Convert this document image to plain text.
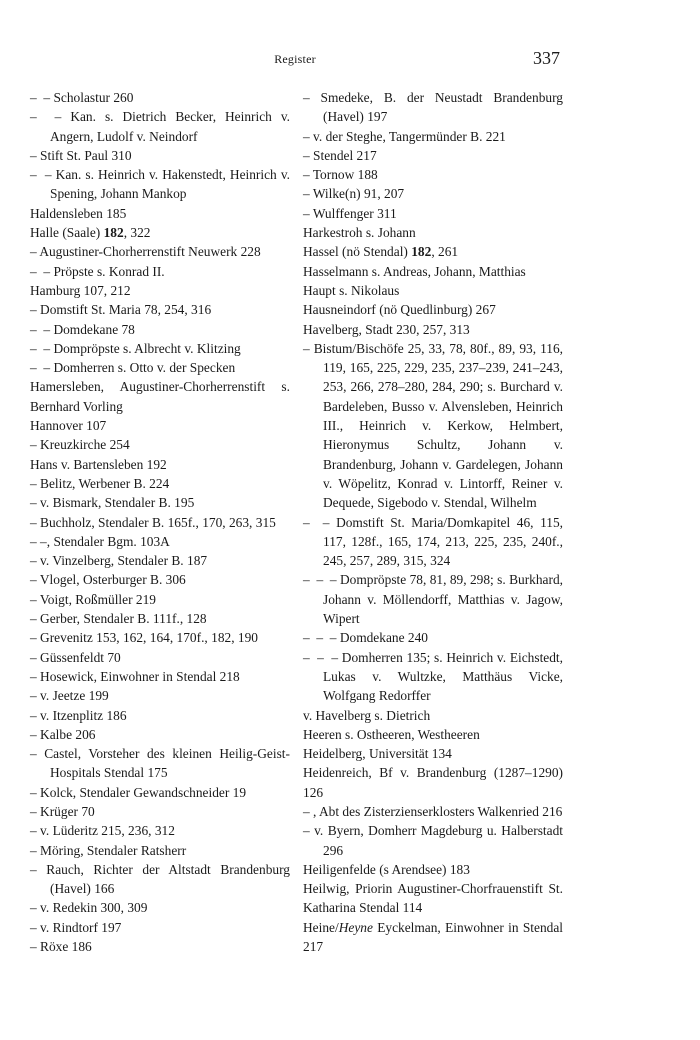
Register	337
–  – Scholastur 260
–  – Kan. s. Dietrich Becker, Heinrich v. Angern, Ludolf v. Neindorf
– Stift St. Paul 310
–  – Kan. s. Heinrich v. Hakenstedt, Heinrich v. Spening, Johann Mankop
Haldensleben 185
Halle (Saale) 182, 322
– Augustiner-Chorherrenstift Neuwerk 228
–  – Pröpste s. Konrad II.
Hamburg 107, 212
– Domstift St. Maria 78, 254, 316
–  – Domdekane 78
–  – Dompröpste s. Albrecht v. Klitzing
–  – Domherren s. Otto v. der Specken
Hamersleben, Augustiner-Chorherrenstift s. Bernhard Vorling
Hannover 107
– Kreuzkirche 254
Hans v. Bartensleben 192
– Belitz, Werbener B. 224
– v. Bismark, Stendaler B. 195
– Buchholz, Stendaler B. 165f., 170, 263, 315
– –, Stendaler Bgm. 103A
– v. Vinzelberg, Stendaler B. 187
– Vlogel, Osterburger B. 306
– Voigt, Roßmüller 219
– Gerber, Stendaler B. 111f., 128
– Grevenitz 153, 162, 164, 170f., 182, 190
– Güssenfeldt 70
– Hosewick, Einwohner in Stendal 218
– v. Jeetze 199
– v. Itzenplitz 186
– Kalbe 206
– Castel, Vorsteher des kleinen Heilig-Geist-Hospitals Stendal 175
– Kolck, Stendaler Gewandschneider 19
– Krüger 70
– v. Lüderitz 215, 236, 312
– Möring, Stendaler Ratsherr
– Rauch, Richter der Altstadt Brandenburg (Havel) 166
– v. Redekin 300, 309
– v. Rindtorf 197
– Röxe 186
– Smedeke, B. der Neustadt Brandenburg (Havel) 197
– v. der Steghe, Tangermünder B. 221
– Stendel 217
– Tornow 188
– Wilke(n) 91, 207
– Wulffenger 311
Harkestroh s. Johann
Hassel (nö Stendal) 182, 261
Hasselmann s. Andreas, Johann, Matthias
Haupt s. Nikolaus
Hausneindorf (nö Quedlinburg) 267
Havelberg, Stadt 230, 257, 313
– Bistum/Bischöfe 25, 33, 78, 80f., 89, 93, 116, 119, 165, 225, 229, 235, 237–239, 241–243, 253, 266, 278–280, 284, 290; s. Burchard v. Bardeleben, Busso v. Alvensleben, Heinrich III., Heinrich v. Kerkow, Helmbert, Hieronymus Schultz, Johann v. Brandenburg, Johann v. Gardelegen, Johann v. Wöpelitz, Konrad v. Lintorff, Reiner v. Dequede, Sigebodo v. Stendal, Wilhelm
–  – Domstift St. Maria/Domkapitel 46, 115, 117, 128f., 165, 174, 213, 225, 235, 240f., 245, 257, 289, 315, 324
–  –  – Dompröpste 78, 81, 89, 298; s. Burkhard, Johann v. Möllendorff, Matthias v. Jagow, Wipert
–  –  – Domdekane 240
–  –  – Domherren 135; s. Heinrich v. Eichstedt, Lukas v. Wultzke, Matthäus Vicke, Wolfgang Redorffer
v. Havelberg s. Dietrich
Heeren s. Ostheeren, Westheeren
Heidelberg, Universität 134
Heidenreich, Bf v. Brandenburg (1287–1290) 126
– , Abt des Zisterzienserklosters Walkenried 216
– v. Byern, Domherr Magdeburg u. Halberstadt 296
Heiligenfelde (s Arendsee) 183
Heilwig, Priorin Augustiner-Chorfrauenstift St. Katharina Stendal 114
Heine/Heyne Eyckelman, Einwohner in Stendal 217
